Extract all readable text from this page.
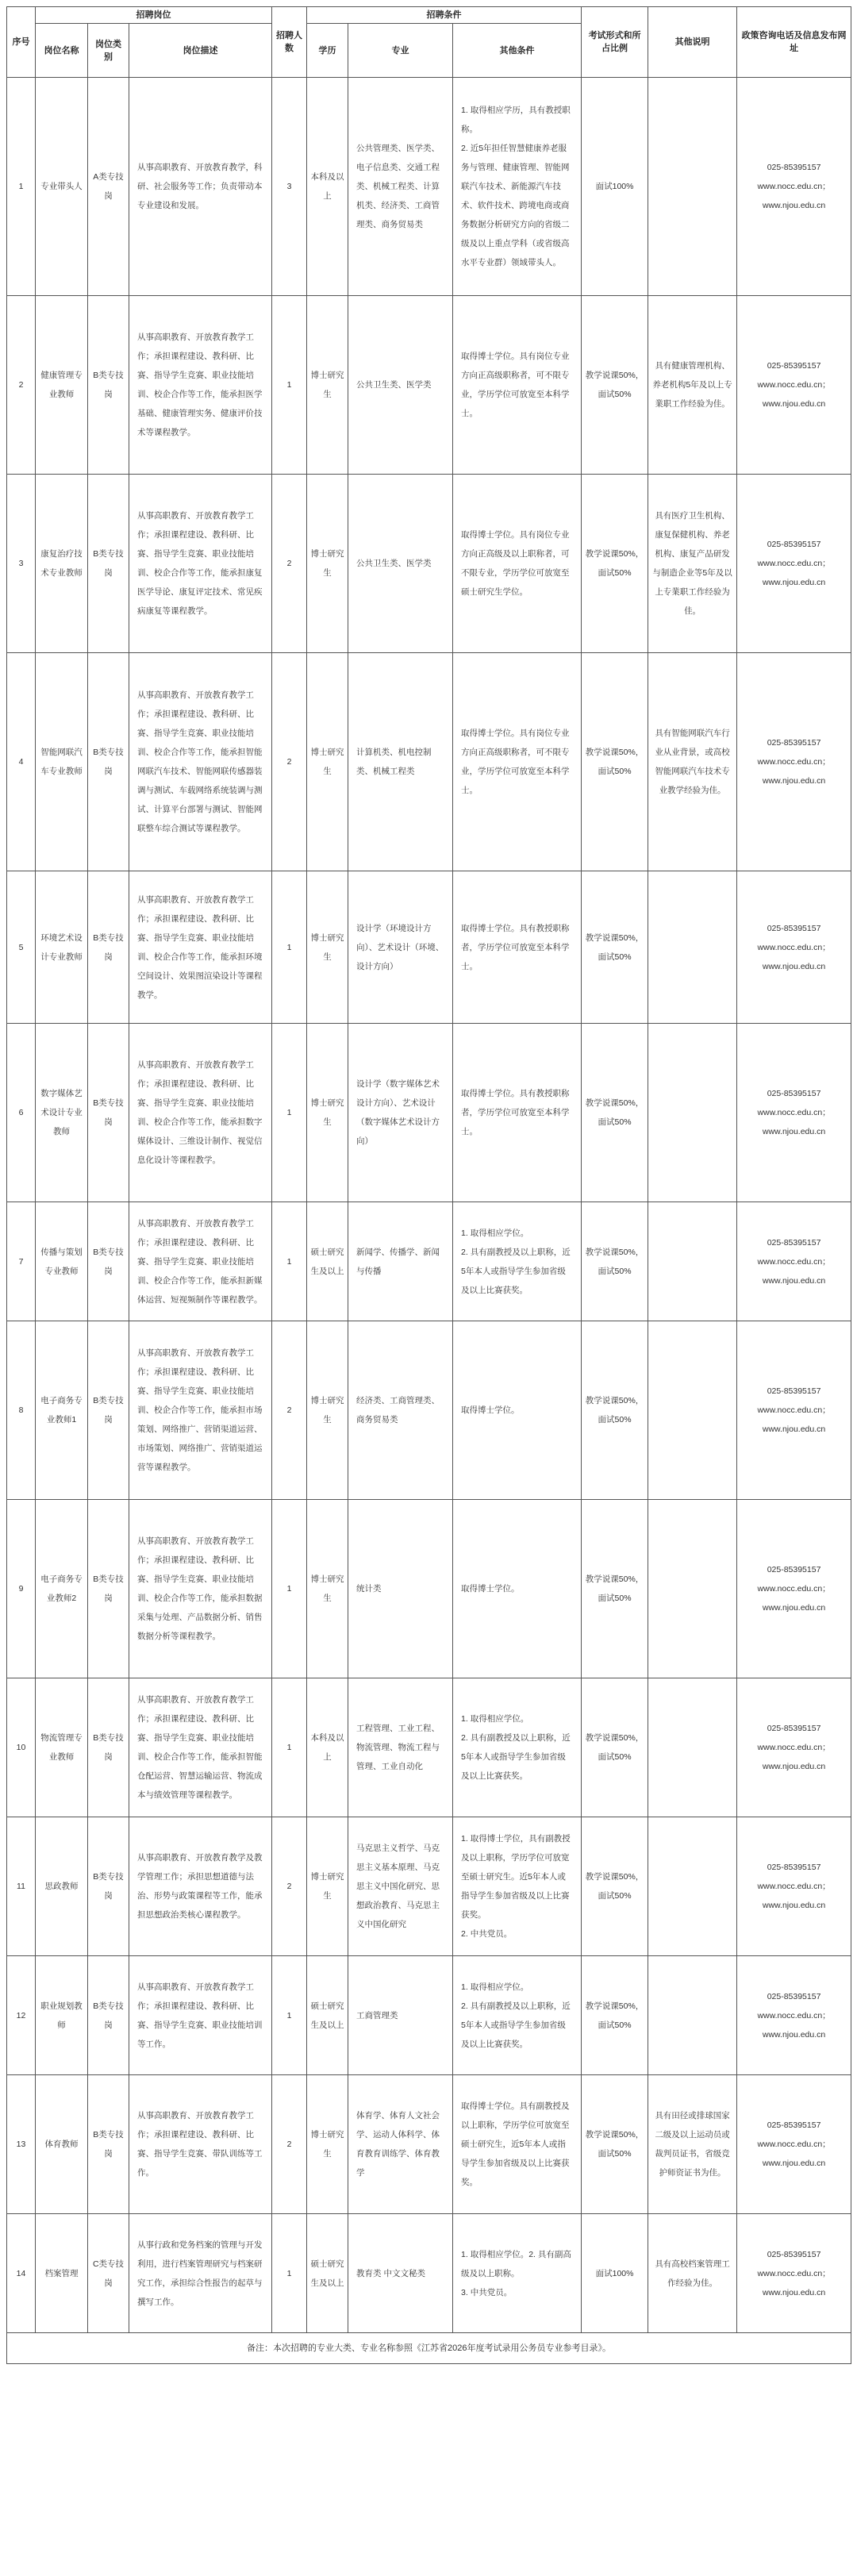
序号	招聘岗位			招聘人数	招聘条件			考试形式和所占比例	其他说明	政策咨询电话及信息发布网址
	岗位名称	岗位类别	岗位描述		学历	专业	其他条件			
1	专业带头人	A类专技岗	从事高职教育、开放教育教学，科研、社会服务等工作；负责带动本专业建设和发展。	3	本科及以上	公共管理类、医学类、电子信息类、交通工程类、机械工程类、计算机类、经济类、工商管理类、商务贸易类	1. 取得相应学历，具有教授职称。
2. 近5年担任智慧健康养老服务与管理、健康管理、智能网联汽车技术、新能源汽车技术、软件技术、跨境电商或商务数据分析研究方向的省级二级及以上重点学科（或省级高水平专业群）领域带头人。	面试100%		025-85395157
www.nocc.edu.cn；
www.njou.edu.cn

2	健康管理专业教师	B类专技岗	从事高职教育、开放教育教学工作；承担课程建设、教科研、比赛、指导学生竞赛、职业技能培训、校企合作等工作，能承担医学基础、健康管理实务、健康评价技术等课程教学。	1	博士研究生	公共卫生类、医学类	取得博士学位。具有岗位专业方向正高级职称者，可不限专业，学历学位可放宽至本科学士。	教学说课50%，面试50%	具有健康管理机构、养老机构5年及以上专業职工作经验为佳。	025-85395157
www.nocc.edu.cn；
www.njou.edu.cn

3	康复治疗技术专业教师	B类专技岗	从事高职教育、开放教育教学工作；承担课程建设、教科研、比赛、指导学生竞赛、职业技能培训、校企合作等工作，能承担康复医学导论、康复评定技术、常见疾病康复等课程教学。	2	博士研究生	公共卫生类、医学类	取得博士学位。具有岗位专业方向正高级及以上职称者，可不限专业，学历学位可放宽至硕士研究生学位。	教学说课50%，面试50%	具有医疗卫生机构、康复保健机构、养老机构、康复产品研发与制造企业等5年及以上专業职工作经验为佳。	025-85395157
www.nocc.edu.cn；
www.njou.edu.cn

4	智能网联汽车专业教师	B类专技岗	从事高职教育、开放教育教学工作；承担课程建设、教科研、比赛、指导学生竞赛、职业技能培训、校企合作等工作，能承担智能网联汽车技术、智能网联传感器装调与测试、车载网络系统装调与测试、计算平台部署与测试、智能网联整车综合测试等课程教学。	2	博士研究生	计算机类、机电控制类、机械工程类	取得博士学位。具有岗位专业方向正高级职称者，可不限专业，学历学位可放宽至本科学士。	教学说课50%，面试50%	具有智能网联汽车行业从业背景，或高校智能网联汽车技术专业教学经验为佳。	025-85395157
www.nocc.edu.cn；
www.njou.edu.cn

5	环境艺术设计专业教师	B类专技岗	从事高职教育、开放教育教学工作；承担课程建设、教科研、比赛、指导学生竞赛、职业技能培训、校企合作等工作，能承担环境空间设计、效果图渲染设计等课程教学。	1	博士研究生	设计学（环境设计方向）、艺术设计（环境、设计方向）	取得博士学位。具有教授职称者，学历学位可放宽至本科学士。	教学说课50%，面试50%		025-85395157
www.nocc.edu.cn；
www.njou.edu.cn

6	数字媒体艺术设计专业教师	B类专技岗	从事高职教育、开放教育教学工作；承担课程建设、教科研、比赛、指导学生竞赛、职业技能培训、校企合作等工作，能承担数字媒体设计、三维设计制作、视觉信息化设计等课程教学。	1	博士研究生	设计学（数字媒体艺术设计方向）、艺术设计（数字媒体艺术设计方向）	取得博士学位。具有教授职称者，学历学位可放宽至本科学士。	教学说课50%，面试50%		025-85395157
www.nocc.edu.cn；
www.njou.edu.cn

7	传播与策划专业教师	B类专技岗	从事高职教育、开放教育教学工作；承担课程建设、教科研、比赛、指导学生竞赛、职业技能培训、校企合作等工作，能承担新媒体运营、短视频制作等课程教学。	1	硕士研究生及以上	新闻学、传播学、新闻与传播	1. 取得相应学位。
2. 具有副教授及以上职称，近5年本人或指导学生参加省级及以上比赛获奖。	教学说课50%，面试50%		025-85395157
www.nocc.edu.cn；
www.njou.edu.cn

8	电子商务专业教师1	B类专技岗	从事高职教育、开放教育教学工作；承担课程建设、教科研、比赛、指导学生竞赛、职业技能培训、校企合作等工作，能承担市场策划、网络推广、营销渠道运营、市场策划、网络推广、营销渠道运营等课程教学。	2	博士研究生	经济类、工商管理类、商务贸易类	取得博士学位。	教学说课50%，面试50%		025-85395157
www.nocc.edu.cn；
www.njou.edu.cn

9	电子商务专业教师2	B类专技岗	从事高职教育、开放教育教学工作；承担课程建设、教科研、比赛、指导学生竞赛、职业技能培训、校企合作等工作，能承担数据采集与处理、产品数据分析、销售数据分析等课程教学。	1	博士研究生	统计类	取得博士学位。	教学说课50%，面试50%		025-85395157
www.nocc.edu.cn；
www.njou.edu.cn

10	物流管理专业教师	B类专技岗	从事高职教育、开放教育教学工作；承担课程建设、教科研、比赛、指导学生竞赛、职业技能培训、校企合作等工作，能承担智能仓配运营、智慧运输运营、物流成本与绩效管理等课程教学。	1	本科及以上	工程管理、工业工程、物流管理、物流工程与管理、工业自动化	1. 取得相应学位。
2. 具有副教授及以上职称，近5年本人或指导学生参加省级及以上比赛获奖。	教学说课50%，面试50%		025-85395157
www.nocc.edu.cn；
www.njou.edu.cn

11	思政教师	B类专技岗	从事高职教育、开放教育教学及教学管理工作；承担思想道德与法治、形势与政策课程等工作，能承担思想政治类核心课程教学。	2	博士研究生	马克思主义哲学、马克思主义基本原理、马克思主义中国化研究、思想政治教育、马克思主义中国化研究	1. 取得博士学位，具有副教授及以上职称，学历学位可放宽至硕士研究生。近5年本人或指导学生参加省级及以上比赛获奖。
2. 中共党员。	教学说课50%，面试50%		025-85395157
www.nocc.edu.cn；
www.njou.edu.cn

12	职业规划教师	B类专技岗	从事高职教育、开放教育教学工作；承担课程建设、教科研、比赛、指导学生竞赛、职业技能培训等工作。	1	硕士研究生及以上	工商管理类	1. 取得相应学位。
2. 具有副教授及以上职称，近5年本人或指导学生参加省级及以上比赛获奖。	教学说课50%，面试50%		025-85395157
www.nocc.edu.cn；
www.njou.edu.cn

13	体育教师	B类专技岗	从事高职教育、开放教育教学工作；承担课程建设、教科研、比赛、指导学生竞赛、带队训练等工作。	2	博士研究生	体育学、体育人文社会学、运动人体科学、体育教育训练学、体育教学	取得博士学位。具有副教授及以上职称，学历学位可放宽至硕士研究生，近5年本人或指导学生参加省级及以上比赛获奖。	教学说课50%，面试50%	具有田径或排球国家二级及以上运动员或裁判员证书，省级竞护师资证书为佳。	025-85395157
www.nocc.edu.cn；
www.njou.edu.cn

14	档案管理	C类专技岗	从事行政和党务档案的管理与开发利用，进行档案管理研究与档案研究工作，承担综合性报告的起草与撰写工作。	1	硕士研究生及以上	教育类 中文文秘类	1. 取得相应学位。2. 具有副高级及以上职称。
3. 中共党员。	面试100%	具有高校档案管理工作经验为佳。	025-85395157
www.nocc.edu.cn；
www.njou.edu.cn

备注：本次招聘的专业大类、专业名称参照《江苏省2026年度考试录用公务员专业参考目录》。										
